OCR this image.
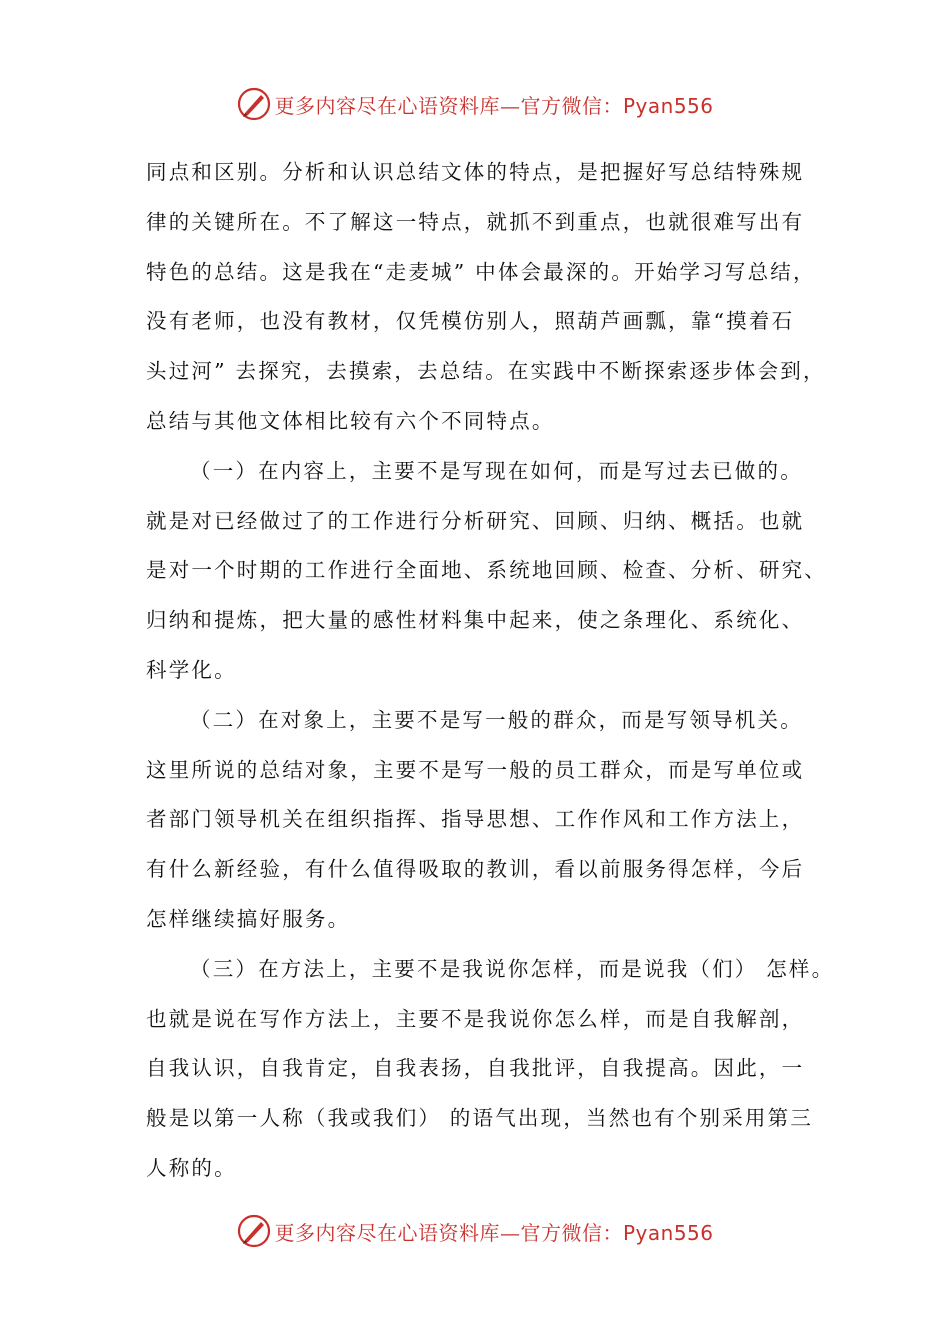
更多内容尽在心语资料库—官方微信：Pyan556
同点和区别。分析和认识总结文体的特点，是把握好写总结特殊规
律的关键所在。不了解这一特点，就抓不到重点，也就很难写出有
特色的总结。这是我在“走麦城” 中体会最深的。开始学习写总结，
没有老师，也没有教材，仅凭模仿别人，照葫芦画瓢，靠“摸着石
头过河” 去探究，去摸索，去总结。在实践中不断探索逐步体会到，
总结与其他文体相比较有六个不同特点。
（一）在内容上，主要不是写现在如何，而是写过去已做的。
就是对已经做过了的工作进行分析研究、回顾、归纳、概括。也就
是对一个时期的工作进行全面地、系统地回顾、检查、分析、研究、
归纳和提炼，把大量的感性材料集中起来，使之条理化、系统化、
科学化。
（二）在对象上，主要不是写一般的群众，而是写领导机关。
这里所说的总结对象，主要不是写一般的员工群众，而是写单位或
者部门领导机关在组织指挥、指导思想、工作作风和工作方法上，
有什么新经验，有什么值得吸取的教训，看以前服务得怎样，今后
怎样继续搞好服务。
（三）在方法上，主要不是我说你怎样，而是说我（们） 怎样。
也就是说在写作方法上，主要不是我说你怎么样，而是自我解剖，
自我认识，自我肯定，自我表扬，自我批评，自我提高。因此，一
般是以第一人称（我或我们） 的语气出现，当然也有个别采用第三
人称的。
更多内容尽在心语资料库—官方微信：Pyan556
